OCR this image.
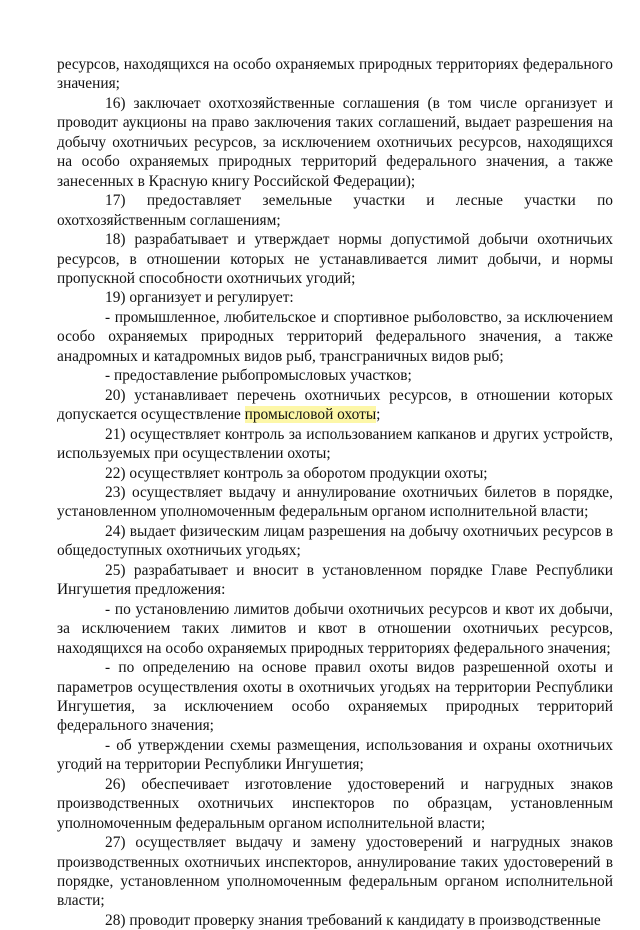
ресурсов, находящихся на особо охраняемых природных территориях федерального значения;

16) заключает охотхозяйственные соглашения (в том числе организует и проводит аукционы на право заключения таких соглашений, выдает разрешения на добычу охотничьих ресурсов, за исключением охотничьих ресурсов, находящихся на особо охраняемых природных территорий федерального значения, а также занесенных в Красную книгу Российской Федерации);

17) предоставляет земельные участки и лесные участки по охотхозяйственным соглашениям;

18) разрабатывает и утверждает нормы допустимой добычи охотничьих ресурсов, в отношении которых не устанавливается лимит добычи, и нормы пропускной способности охотничьих угодий;

19) организует и регулирует:

- промышленное, любительское и спортивное рыболовство, за исключением особо охраняемых природных территорий федерального значения, а также анадромных и катадромных видов рыб, трансграничных видов рыб;

- предоставление рыбопромысловых участков;

20) устанавливает перечень охотничьих ресурсов, в отношении которых допускается осуществление промысловой охоты;

21) осуществляет контроль за использованием капканов и других устройств, используемых при осуществлении охоты;

22) осуществляет контроль за оборотом продукции охоты;

23) осуществляет выдачу и аннулирование охотничьих билетов в порядке, установленном уполномоченным федеральным органом исполнительной власти;

24) выдает физическим лицам разрешения на добычу охотничьих ресурсов в общедоступных охотничьих угодьях;

25) разрабатывает и вносит в установленном порядке Главе Республики Ингушетия предложения:

- по установлению лимитов добычи охотничьих ресурсов и квот их добычи, за исключением таких лимитов и квот в отношении охотничьих ресурсов, находящихся на особо охраняемых природных территориях федерального значения;

- по определению на основе правил охоты видов разрешенной охоты и параметров осуществления охоты в охотничьих угодьях на территории Республики Ингушетия, за исключением особо охраняемых природных территорий федерального значения;

- об утверждении схемы размещения, использования и охраны охотничьих угодий на территории Республики Ингушетия;

26) обеспечивает изготовление удостоверений и нагрудных знаков производственных охотничьих инспекторов по образцам, установленным уполномоченным федеральным органом исполнительной власти;

27) осуществляет выдачу и замену удостоверений и нагрудных знаков производственных охотничьих инспекторов, аннулирование таких удостоверений в порядке, установленном уполномоченным федеральным органом исполнительной власти;

28) проводит проверку знания требований к кандидату в производственные
